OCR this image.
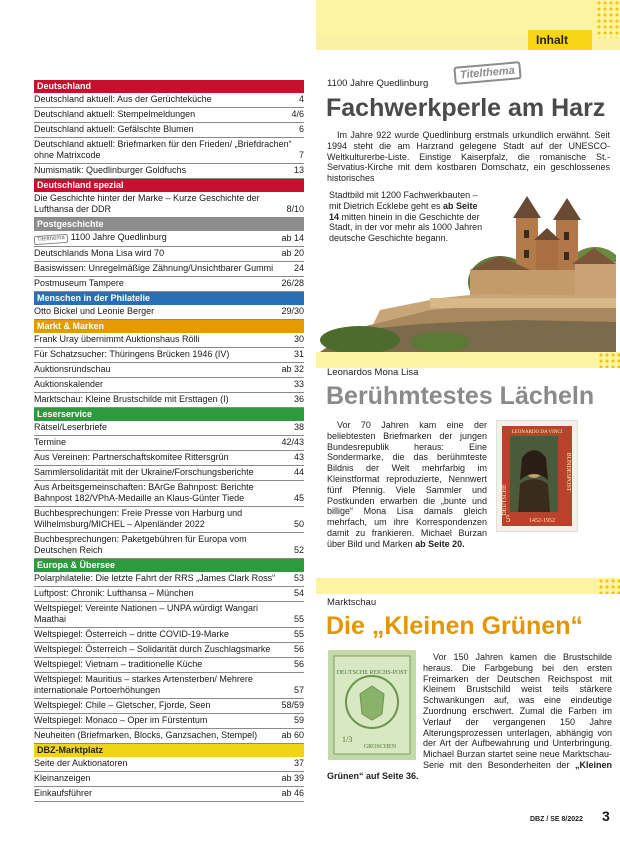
Inhalt
Deutschland
Deutschland aktuell: Aus der Gerüchteküche	4
Deutschland aktuell: Stempelmeldungen	4/6
Deutschland aktuell: Gefälschte Blumen	6
Deutschland aktuell: Briefmarken für den Frieden/ „Briefdrachen“ ohne Matrixcode	7
Numismatik: Quedlinburger Goldfuchs	13
Deutschland spezial
Die Geschichte hinter der Marke – Kurze Geschichte der Lufthansa der DDR	8/10
Postgeschichte
Titelthema 1100 Jahre Quedlinburg	ab 14
Deutschlands Mona Lisa wird 70	ab 20
Basiswissen: Unregelmäßige Zähnung/Unsichtbarer Gummi	24
Postmuseum Tampere	26/28
Menschen in der Philatelie
Otto Bickel und Leonie Berger	29/30
Markt & Marken
Frank Uray übernimmt Auktionshaus Rölli	30
Für Schatzsucher: Thüringens Brücken 1946 (IV)	31
Auktionsrundschau	ab 32
Auktionskalender	33
Marktschau: Kleine Brustschilde mit Ersttagen (I)	36
Leserservice
Rätsel/Leserbriefe	38
Termine	42/43
Aus Vereinen: Partnerschaftskomitee Rittersgrün	43
Sammlersolidarität mit der Ukraine/Forschungsberichte	44
Aus Arbeitsgemeinschaften: BArGe Bahnpost: Berichte Bahnpost 182/VPhA-Medaille an Klaus-Günter Tiede	45
Buchbesprechungen: Freie Presse von Harburg und Wilhelmsburg/MICHEL – Alpenländer 2022	50
Buchbesprechungen: Paketgebühren für Europa vom Deutschen Reich	52
Europa & Übersee
Polarphilatelie: Die letzte Fahrt der RRS „James Clark Ross“	53
Luftpost: Chronik: Lufthansa – München	54
Weltspiegel: Vereinte Nationen – UNPA würdigt Wangari Maathai	55
Weltspiegel: Österreich – dritte COVID-19-Marke	55
Weltspiegel: Österreich – Solidarität durch Zuschlagsmarke	56
Weltspiegel: Vietnam – traditionelle Küche	56
Weltspiegel: Mauritius – starkes Artensterben/ Mehrere internationale Portoerhöhungen	57
Weltspiegel: Chile – Gletscher, Fjorde, Seen	58/59
Weltspiegel: Monaco – Oper im Fürstentum	59
Neuheiten (Briefmarken, Blocks, Ganzsachen, Stempel)	ab 60
DBZ-Marktplatz
Seite der Auktionatoren	37
Kleinanzeigen	ab 39
Einkaufsführer	ab 46
1100 Jahre Quedlinburg
Titelthema
Fachwerkperle am Harz
Im Jahre 922 wurde Quedlinburg erstmals urkundlich erwähnt. Seit 1994 steht die am Harzrand gelegene Stadt auf der UNESCO-Weltkulturerbe-Liste. Einstige Kaiserpfalz, die romanische St.-Servatius-Kirche mit dem kostbaren Domschatz, ein geschlossenes historisches
Stadtbild mit 1200 Fachwerkbauten – mit Dietrich Ecklebe geht es ab Seite 14 mitten hinein in die Geschichte der Stadt, in der vor mehr als 1000 Jahren deutsche Geschichte begann.
Leonardos Mona Lisa
Berühmtestes Lächeln
Vor 70 Jahren kam eine der beliebtesten Briefmarken der jungen Bundesrepublik heraus: Eine Sondermarke, die das berühmteste Bildnis der Welt mehrfarbig im Kleinstformat reproduzierte, Nennwert fünf Pfennig. Viele Sammler und Postkunden erwarben die „bunte und billige“ Mona Lisa damals gleich mehrfach, um ihre Korrespondenzen damit zu frankieren. Michael Burzan über Bild und Marken ab Seite 20.
LEONARDO DA VINCI
BUNDESPOST
DEUTSCHE
5	1452-1952
Marktschau
Die „Kleinen Grünen“
DEUTSCHE REICHS-POST
1/3
GROSCHEN
Vor 150 Jahren kamen die Brustschilde heraus. Die Farbgebung bei den ersten Freimarken der Deutschen Reichspost mit Kleinem Brustschild weist teils stärkere Schwankungen auf, was eine eindeutige Zuordnung erschwert. Zumal die Farben im Verlauf der vergangenen 150 Jahre Alterungsprozessen unterlagen, abhängig von der Art der Aufbewahrung und Unterbringung. Michael Burzan startet seine neue Marktschau-Serie mit den Besonderheiten der „Kleinen Grünen“ auf Seite 36.
DBZ / SE 8/2022 3
